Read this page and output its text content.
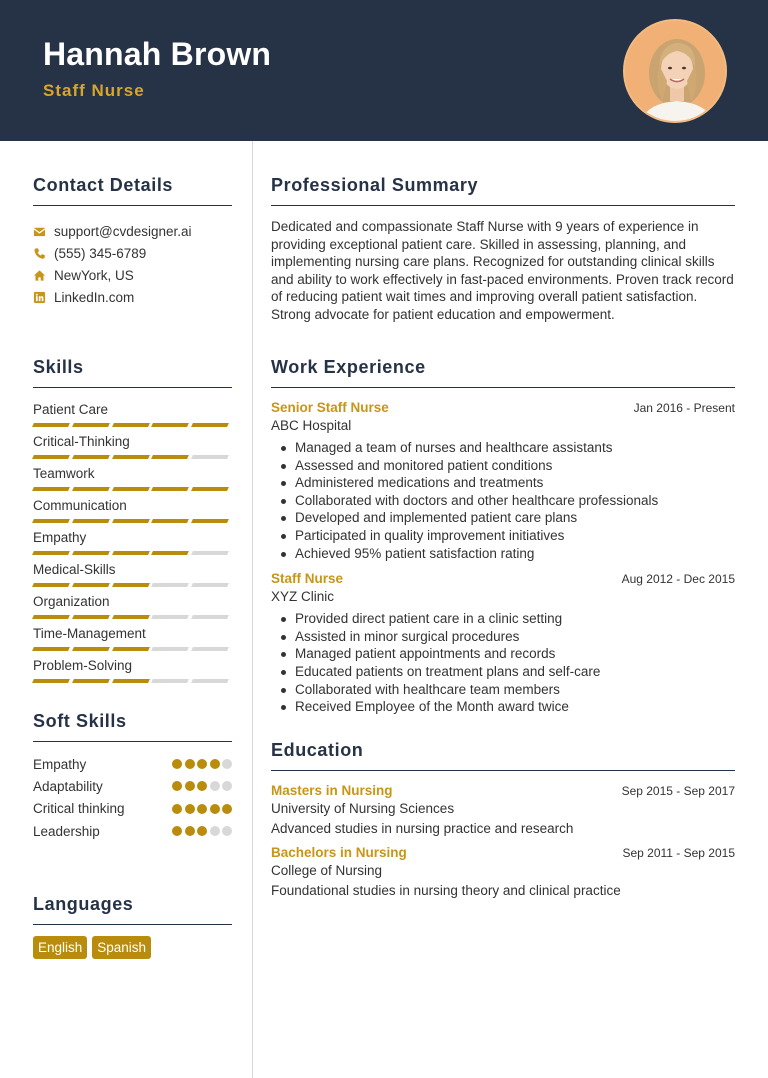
Hannah Brown
Staff Nurse
Contact Details
support@cvdesigner.ai
(555) 345-6789
NewYork, US
LinkedIn.com
Skills
Patient Care
Critical-Thinking
Teamwork
Communication
Empathy
Medical-Skills
Organization
Time-Management
Problem-Solving
Soft Skills
Empathy
Adaptability
Critical thinking
Leadership
Languages
English	Spanish
Professional Summary
Dedicated and compassionate Staff Nurse with 9 years of experience in providing exceptional patient care. Skilled in assessing, planning, and implementing nursing care plans. Recognized for outstanding clinical skills and ability to work effectively in fast-paced environments. Proven track record of reducing patient wait times and improving overall patient satisfaction. Strong advocate for patient education and empowerment.
Work Experience
Senior Staff Nurse	Jan 2016 - Present
ABC Hospital
Managed a team of nurses and healthcare assistants
Assessed and monitored patient conditions
Administered medications and treatments
Collaborated with doctors and other healthcare professionals
Developed and implemented patient care plans
Participated in quality improvement initiatives
Achieved 95% patient satisfaction rating
Staff Nurse	Aug 2012 - Dec 2015
XYZ Clinic
Provided direct patient care in a clinic setting
Assisted in minor surgical procedures
Managed patient appointments and records
Educated patients on treatment plans and self-care
Collaborated with healthcare team members
Received Employee of the Month award twice
Education
Masters in Nursing	Sep 2015 - Sep 2017
University of Nursing Sciences
Advanced studies in nursing practice and research
Bachelors in Nursing	Sep 2011 - Sep 2015
College of Nursing
Foundational studies in nursing theory and clinical practice
